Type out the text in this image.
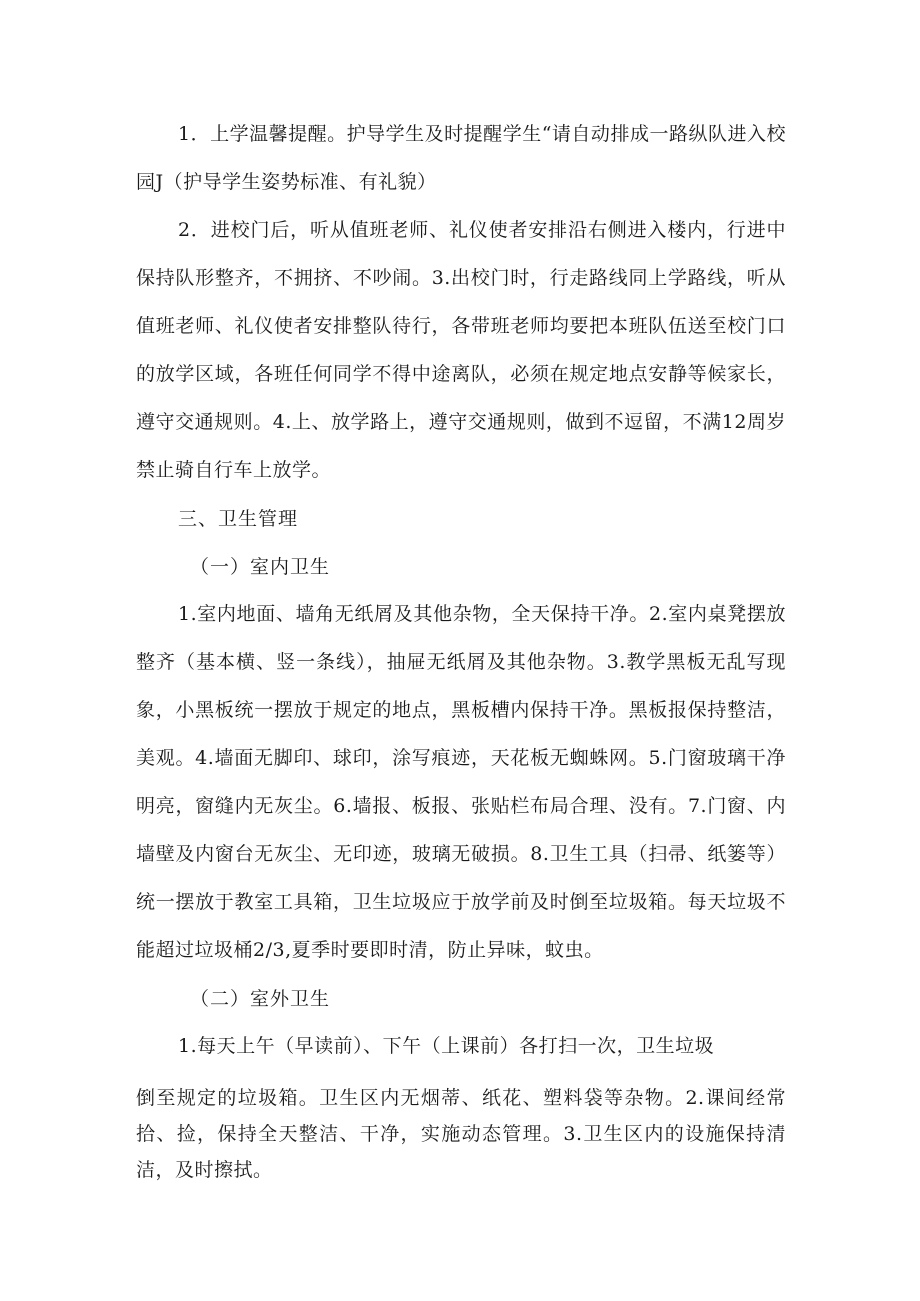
1．上学温馨提醒。护导学生及时提醒学生“请自动排成一路纵队进入校园J（护导学生姿势标准、有礼貌）

2．进校门后，听从值班老师、礼仪使者安排沿右侧进入楼内，行进中保持队形整齐，不拥挤、不吵闹。3.出校门时，行走路线同上学路线，听从值班老师、礼仪使者安排整队待行，各带班老师均要把本班队伍送至校门口的放学区域，各班任何同学不得中途离队，必须在规定地点安静等候家长，遵守交通规则。4.上、放学路上，遵守交通规则，做到不逗留，不满12周岁禁止骑自行车上放学。

三、卫生管理

（一）室内卫生

1.室内地面、墙角无纸屑及其他杂物，全天保持干净。2.室内桌凳摆放整齐（基本横、竖一条线），抽屉无纸屑及其他杂物。3.教学黑板无乱写现象，小黑板统一摆放于规定的地点，黑板槽内保持干净。黑板报保持整洁，美观。4.墙面无脚印、球印，涂写痕迹，天花板无蜘蛛网。5.门窗玻璃干净明亮，窗缝内无灰尘。6.墙报、板报、张贴栏布局合理、没有。7.门窗、内墙壁及内窗台无灰尘、无印迹，玻璃无破损。8.卫生工具（扫帚、纸篓等）统一摆放于教室工具箱，卫生垃圾应于放学前及时倒至垃圾箱。每天垃圾不能超过垃圾桶2/3,夏季时要即时清，防止异味，蚊虫。

（二）室外卫生

1.每天上午（早读前）、下午（上课前）各打扫一次，卫生垃圾

倒至规定的垃圾箱。卫生区内无烟蒂、纸花、塑料袋等杂物。2.课间经常拾、捡，保持全天整洁、干净，实施动态管理。3.卫生区内的设施保持清洁，及时擦拭。
